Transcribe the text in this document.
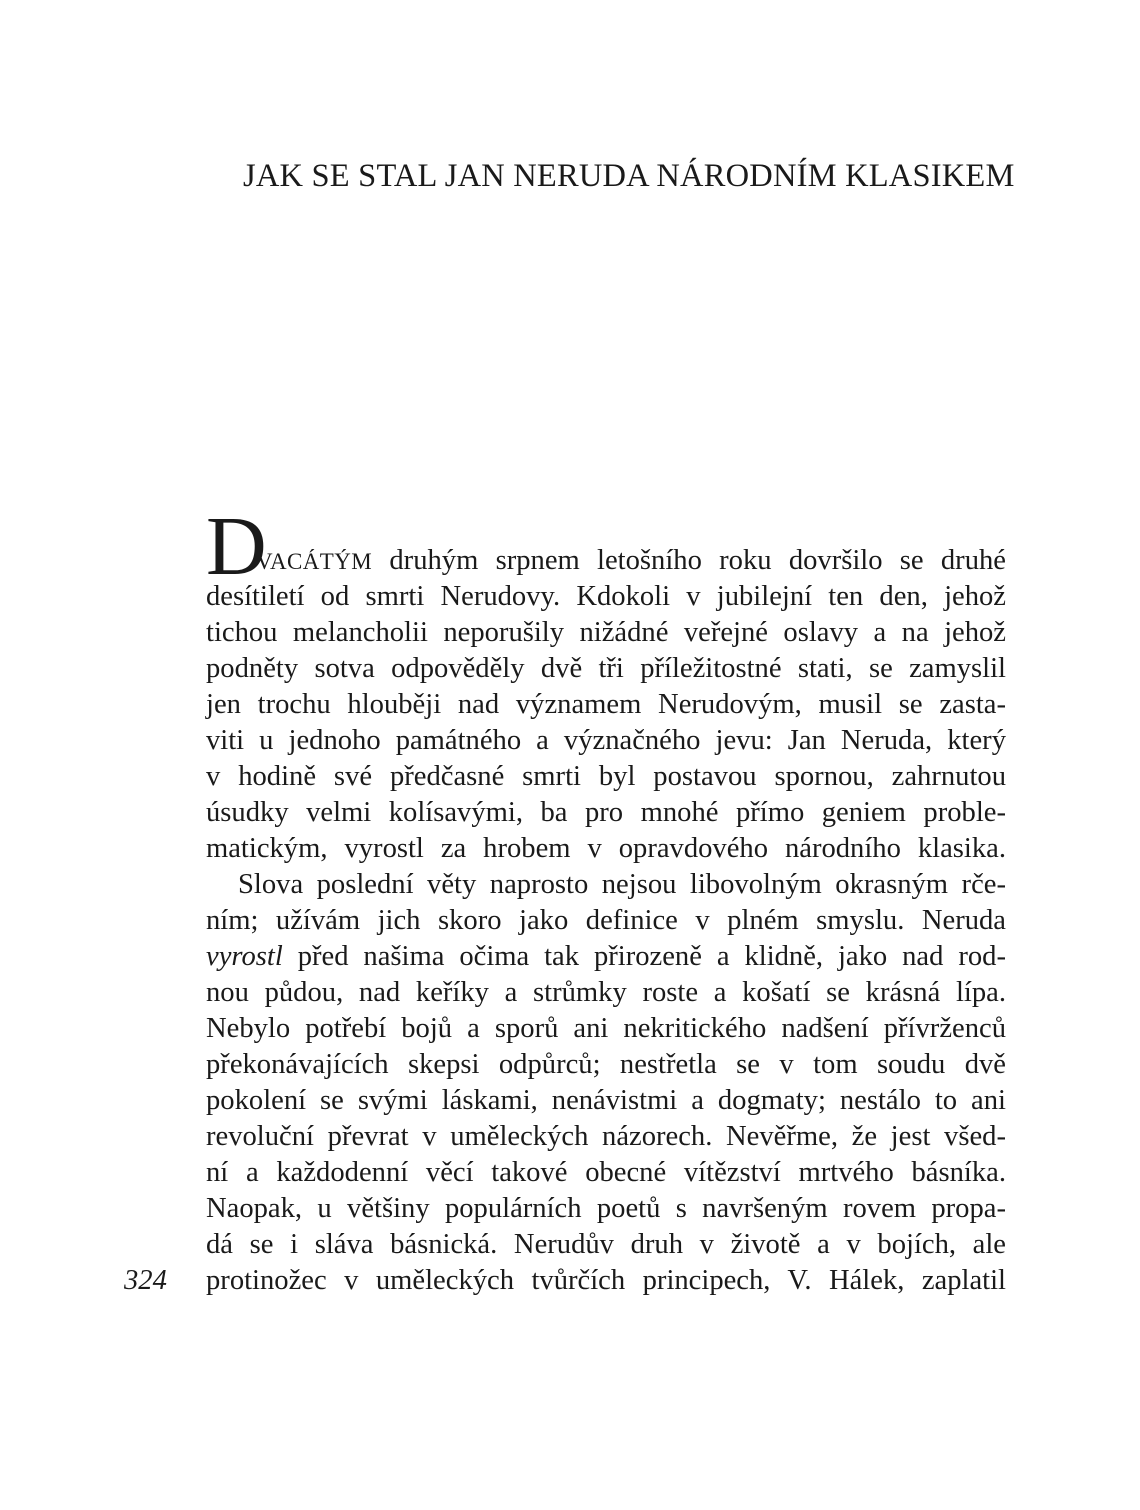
JAK SE STAL JAN NERUDA NÁRODNÍM KLASIKEM
D
VACÁTÝM druhým srpnem letošního roku dovršilo se druhé
desítiletí od smrti Nerudovy. Kdokoli v jubilejní ten den, jehož
tichou melancholii neporušily nižádné veřejné oslavy a na jehož
podněty sotva odpověděly dvě tři příležitostné stati, se zamyslil
jen trochu hlouběji nad významem Nerudovým, musil se zasta-
viti u jednoho památného a význačného jevu: Jan Neruda, který
v hodině své předčasné smrti byl postavou spornou, zahrnutou
úsudky velmi kolísavými, ba pro mnohé přímo geniem proble-
matickým, vyrostl za hrobem v opravdového národního klasika.
Slova poslední věty naprosto nejsou libovolným okrasným rče-
ním; užívám jich skoro jako definice v plném smyslu. Neruda
vyrostl před našima očima tak přirozeně a klidně, jako nad rod-
nou půdou, nad keříky a strůmky roste a košatí se krásná lípa.
Nebylo potřebí bojů a sporů ani nekritického nadšení přívrženců
překonávajících skepsi odpůrců; nestřetla se v tom soudu dvě
pokolení se svými láskami, nenávistmi a dogmaty; nestálo to ani
revoluční převrat v uměleckých názorech. Nevěřme, že jest všed-
ní a každodenní věcí takové obecné vítězství mrtvého básníka.
Naopak, u většiny populárních poetů s navršeným rovem propa-
dá se i sláva básnická. Nerudův druh v životě a v bojích, ale
protinožec v uměleckých tvůrčích principech, V. Hálek, zaplatil
324
